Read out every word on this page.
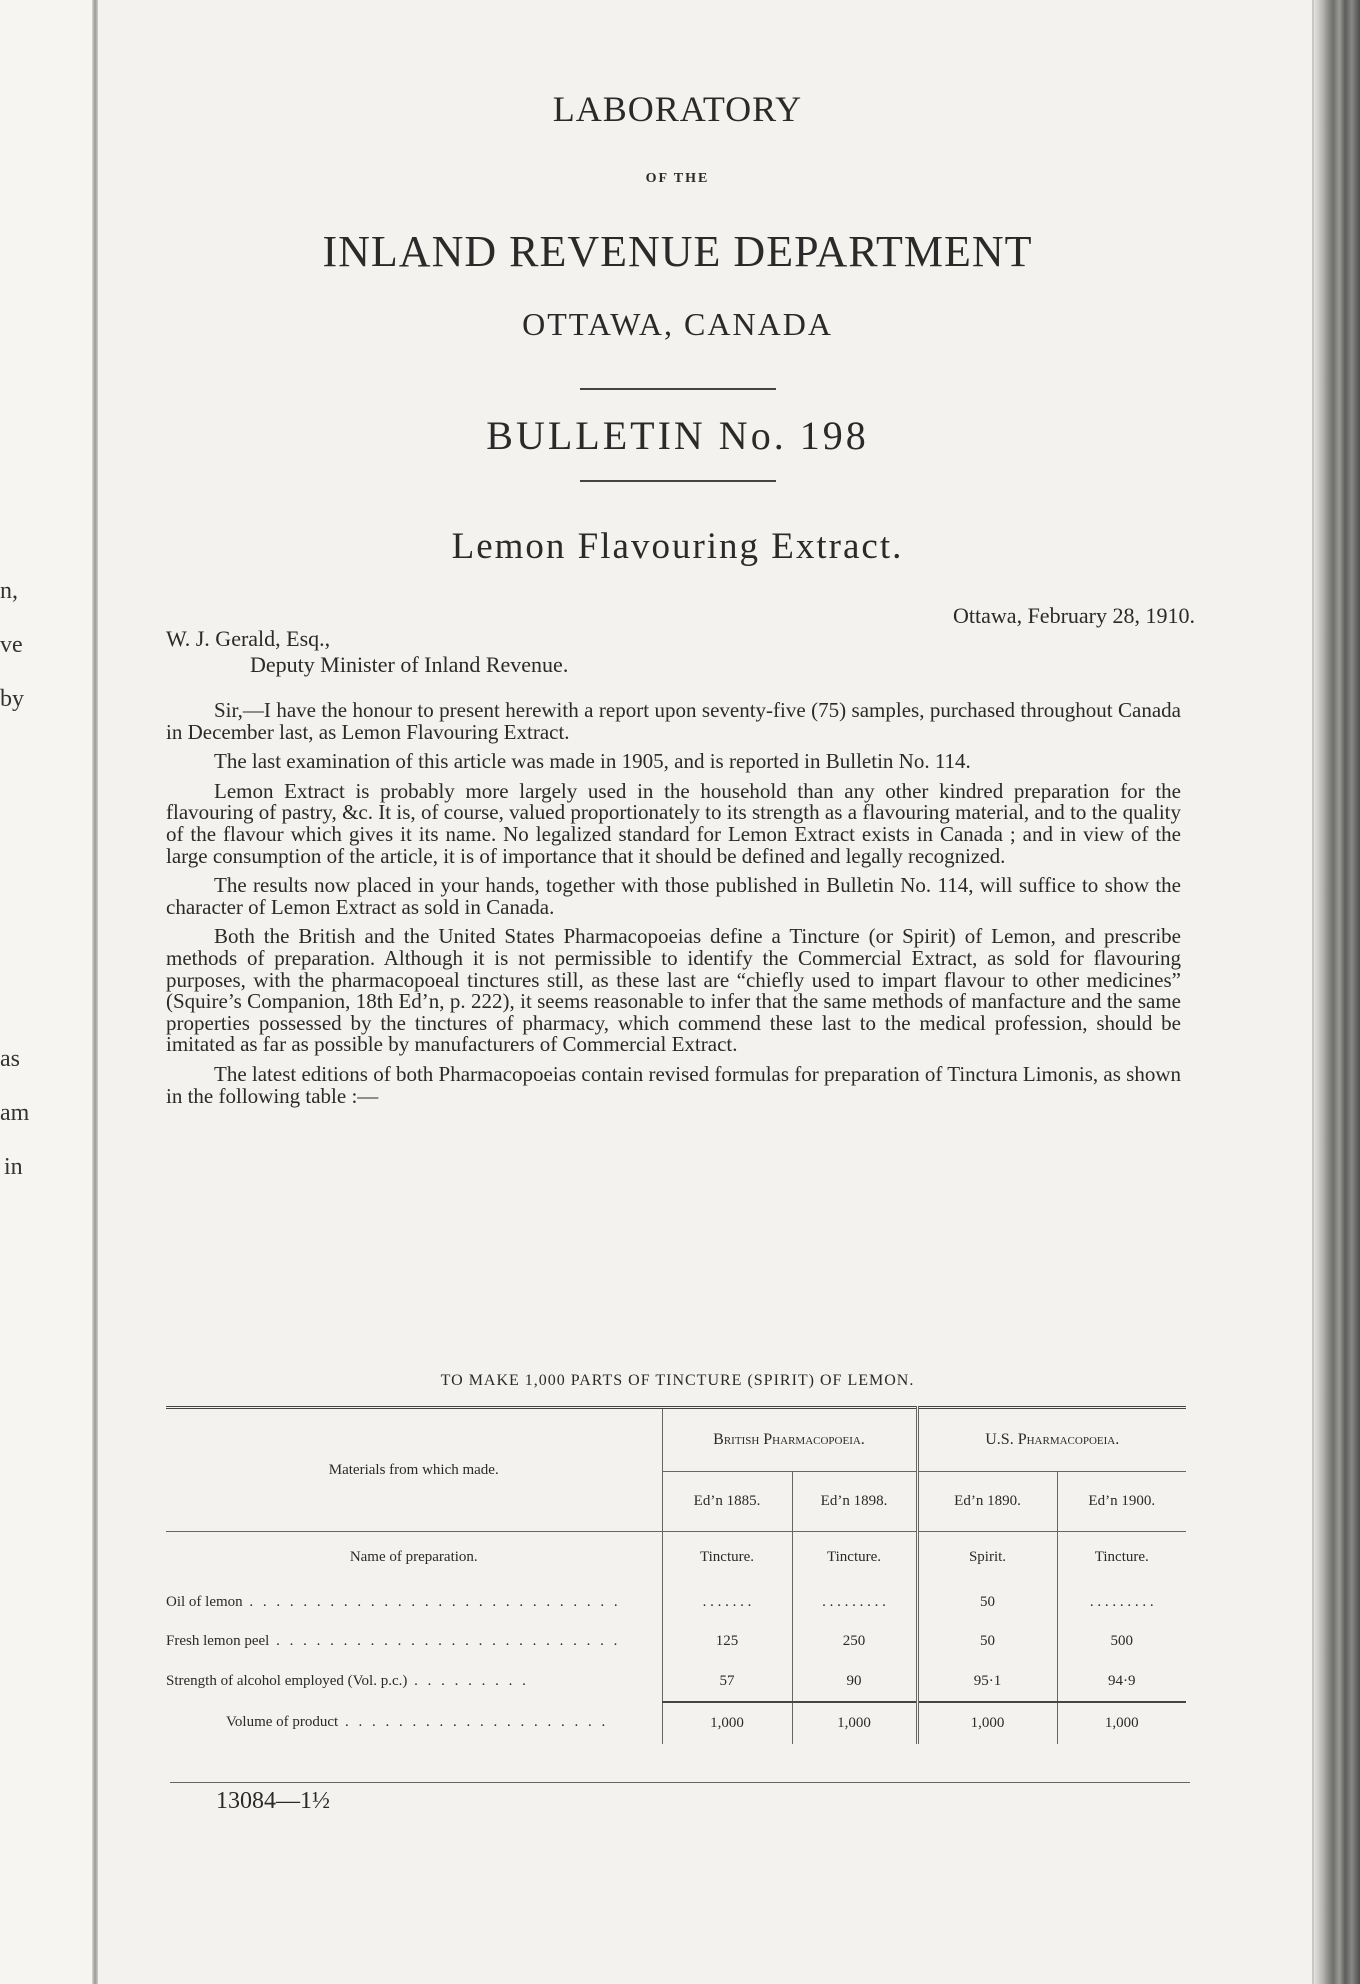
n,
ve
by
as
am
in
LABORATORY
OF THE
INLAND REVENUE DEPARTMENT
OTTAWA, CANADA
BULLETIN No. 198
Lemon Flavouring Extract.
Ottawa, February 28, 1910.
W. J. Gerald, Esq.,
Deputy Minister of Inland Revenue.

Sir,—I have the honour to present herewith a report upon seventy-five (75) samples, purchased throughout Canada in December last, as Lemon Flavouring Extract.

The last examination of this article was made in 1905, and is reported in Bulletin No. 114.

Lemon Extract is probably more largely used in the household than any other kindred preparation for the flavouring of pastry, &c. It is, of course, valued proportionately to its strength as a flavouring material, and to the quality of the flavour which gives it its name. No legalized standard for Lemon Extract exists in Canada ; and in view of the large consumption of the article, it is of importance that it should be defined and legally recognized.

The results now placed in your hands, together with those published in Bulletin No. 114, will suffice to show the character of Lemon Extract as sold in Canada.

Both the British and the United States Pharmacopoeias define a Tincture (or Spirit) of Lemon, and prescribe methods of preparation. Although it is not permissible to identify the Commercial Extract, as sold for flavouring purposes, with the pharmacopoeal tinctures still, as these last are “chiefly used to impart flavour to other medicines” (Squire’s Companion, 18th Ed’n, p. 222), it seems reasonable to infer that the same methods of manfacture and the same properties possessed by the tinctures of pharmacy, which commend these last to the medical profession, should be imitated as far as possible by manufacturers of Commercial Extract.

The latest editions of both Pharmacopoeias contain revised formulas for preparation of Tinctura Limonis, as shown in the following table :—

TO MAKE 1,000 PARTS OF TINCTURE (SPIRIT) OF LEMON.
Materials from which made.	British Pharmacopoeia.		U.S. Pharmacopoeia.	
	Ed’n 1885.	Ed’n 1898.	Ed’n 1890.	Ed’n 1900.
Name of preparation.	Tincture.	Tincture.	Spirit.	Tincture.
Oil of lemon . . . . . . . . . . . . . . . . . . . . . . . . . . . .	. . . . . . .	. . . . . . . . .	50	. . . . . . . . .
Fresh lemon peel . . . . . . . . . . . . . . . . . . . . . . . . . .	125	250	50	500
Strength of alcohol employed (Vol. p.c.) . . . . . . . . .	57	90	95·1	94·9
Volume of product . . . . . . . . . . . . . . . . . . . .	1,000	1,000	1,000	1,000
13084—1½
